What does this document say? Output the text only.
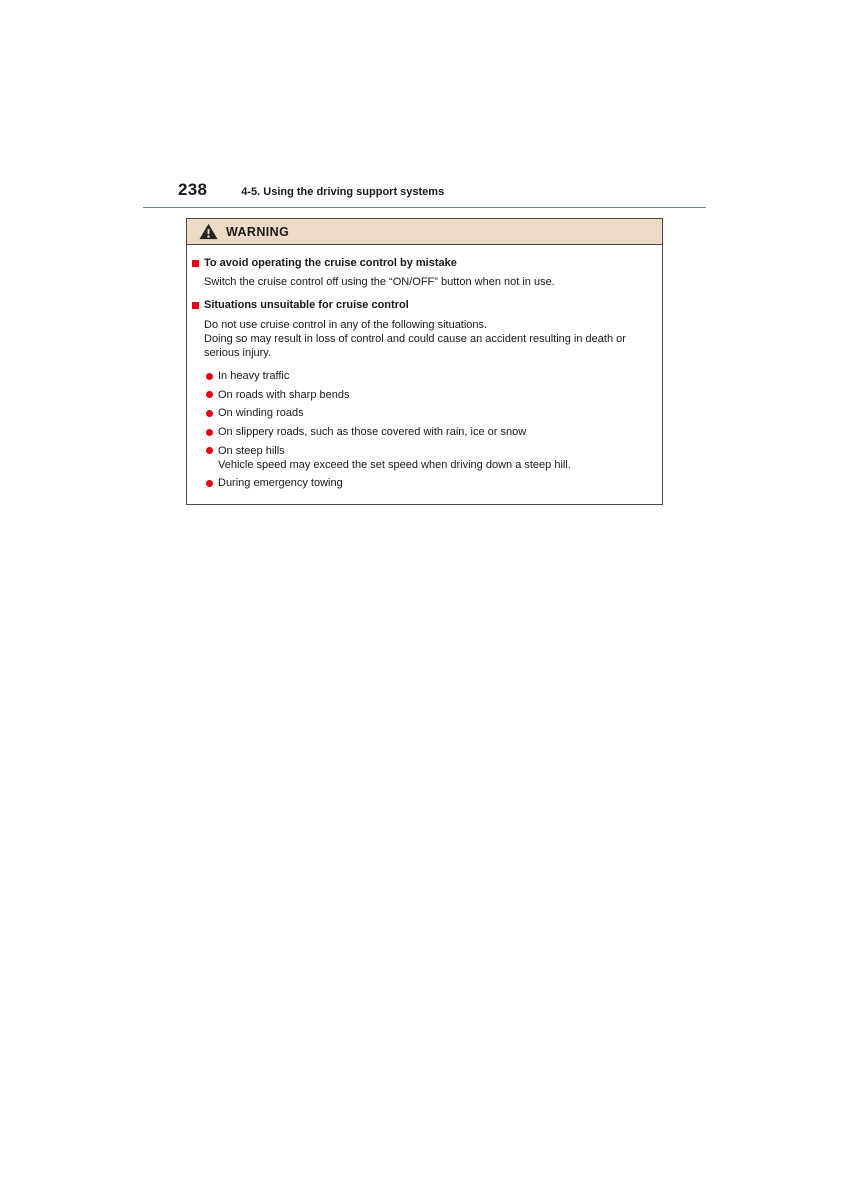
238	4-5. Using the driving support systems
WARNING
To avoid operating the cruise control by mistake
Switch the cruise control off using the “ON/OFF” button when not in use.
Situations unsuitable for cruise control
Do not use cruise control in any of the following situations.
Doing so may result in loss of control and could cause an accident resulting in death or serious injury.
In heavy traffic
On roads with sharp bends
On winding roads
On slippery roads, such as those covered with rain, ice or snow
On steep hills
Vehicle speed may exceed the set speed when driving down a steep hill.
During emergency towing
